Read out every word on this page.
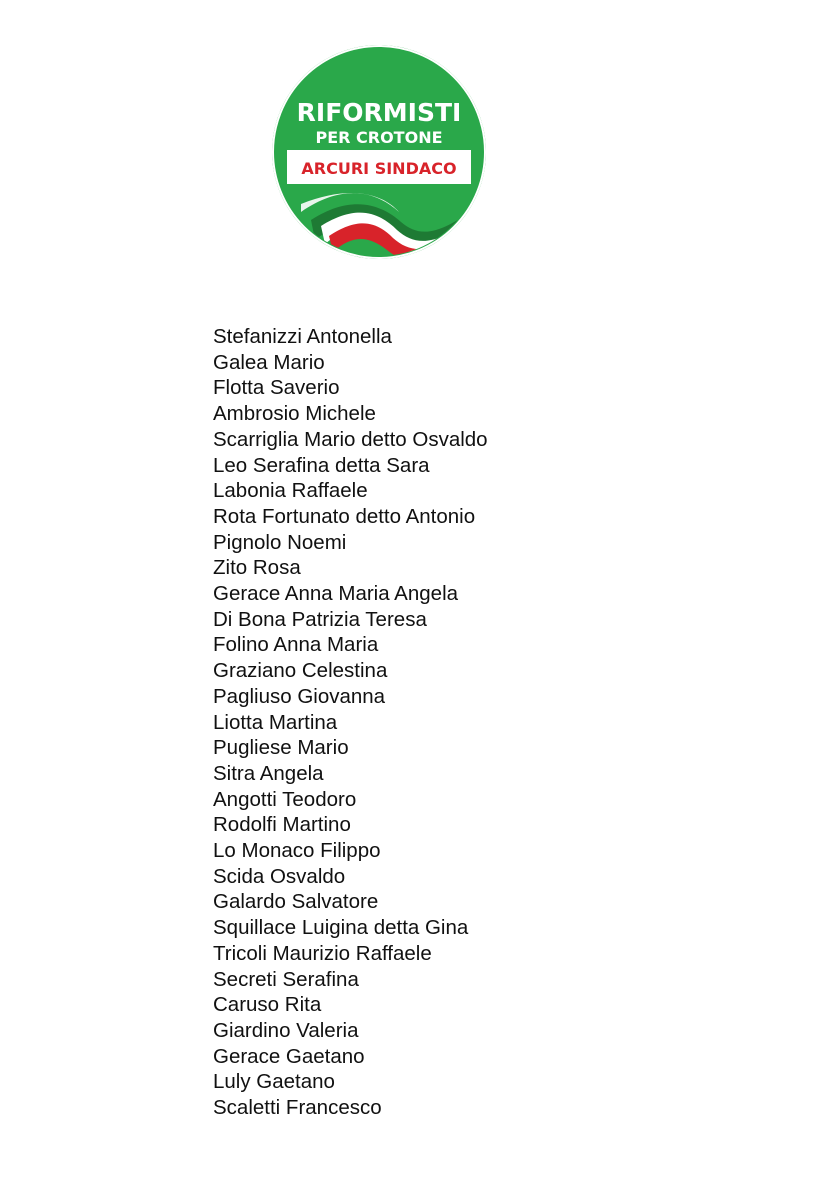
RIFORMISTI
PER CROTONE
ARCURI SINDACO
Stefanizzi Antonella
Galea Mario
Flotta Saverio
Ambrosio Michele
Scarriglia Mario detto Osvaldo
Leo Serafina detta Sara
Labonia Raffaele
Rota Fortunato detto Antonio
Pignolo Noemi
Zito Rosa
Gerace Anna Maria Angela
Di Bona Patrizia Teresa
Folino Anna Maria
Graziano Celestina
Pagliuso Giovanna
Liotta Martina
Pugliese Mario
Sitra Angela
Angotti Teodoro
Rodolfi Martino
Lo Monaco Filippo
Scida Osvaldo
Galardo Salvatore
Squillace Luigina detta Gina
Tricoli Maurizio Raffaele
Secreti Serafina
Caruso Rita
Giardino Valeria
Gerace Gaetano
Luly Gaetano
Scaletti Francesco
